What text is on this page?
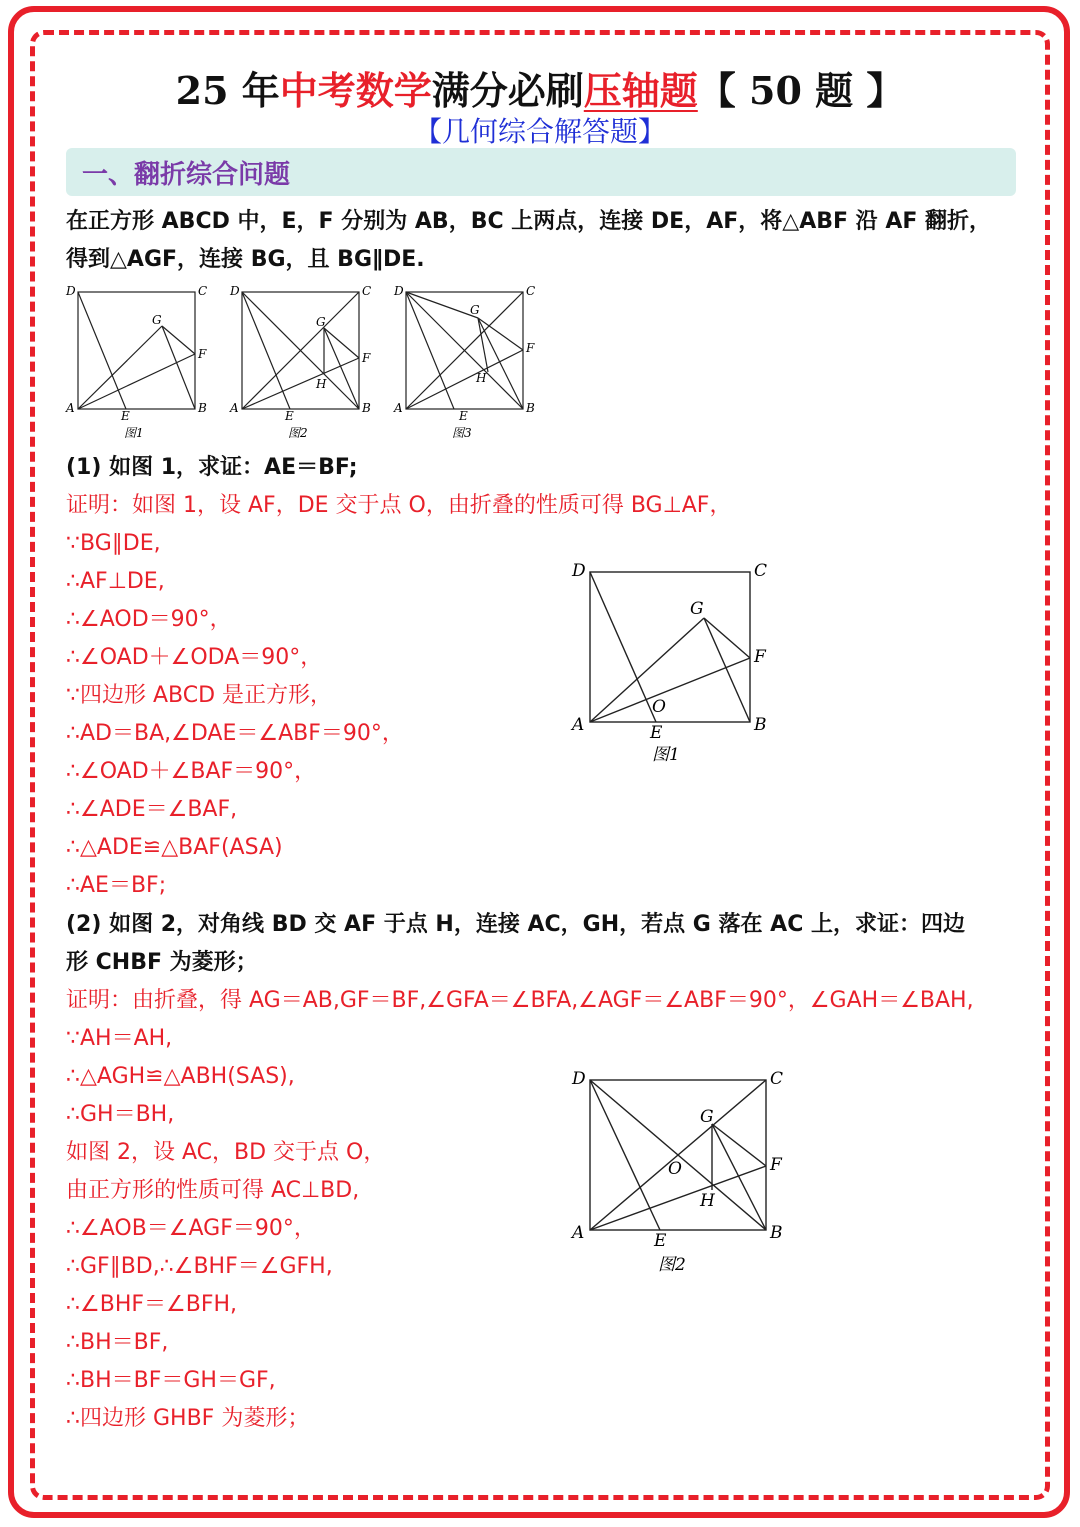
25 年中考数学满分必刷压轴题【 50 题 】
【几何综合解答题】
一、翻折综合问题
在正方形 ABCD 中，E，F 分别为 AB，BC 上两点，连接 DE，AF，将△ABF 沿 AF 翻折，
得到△AGF，连接 BG，且 BG∥DE.
D	C
G
F
A	B
E
图1
D	C
G
F
H
A	B
E
图2
D	C
G
F
H
A	B
E
图3
(1) 如图 1，求证：AE＝BF;
证明：如图 1，设 AF，DE 交于点 O，由折叠的性质可得 BG⊥AF，
∵BG∥DE,
∴AF⊥DE,
∴∠AOD＝90°，
∴∠OAD＋∠ODA＝90°，
∵四边形 ABCD 是正方形，
∴AD＝BA,∠DAE＝∠ABF＝90°，
∴∠OAD＋∠BAF＝90°，
∴∠ADE＝∠BAF,
∴△ADE≌△BAF(ASA)
∴AE＝BF;
D	C
G
F
O
A	B
E
图1
(2) 如图 2，对角线 BD 交 AF 于点 H，连接 AC，GH，若点 G 落在 AC 上，求证：四边
形 CHBF 为菱形；
证明：由折叠，得 AG＝AB,GF＝BF,∠GFA＝∠BFA,∠AGF＝∠ABF＝90°，∠GAH＝∠BAH,
∵AH＝AH,
∴△AGH≌△ABH(SAS),
∴GH＝BH,
如图 2，设 AC，BD 交于点 O，
由正方形的性质可得 AC⊥BD,
∴∠AOB＝∠AGF＝90°，
∴GF∥BD,∴∠BHF＝∠GFH,
∴∠BHF＝∠BFH,
∴BH＝BF,
∴BH＝BF＝GH＝GF,
∴四边形 GHBF 为菱形；
D	C
G
F
O
H
A	B
E
图2
